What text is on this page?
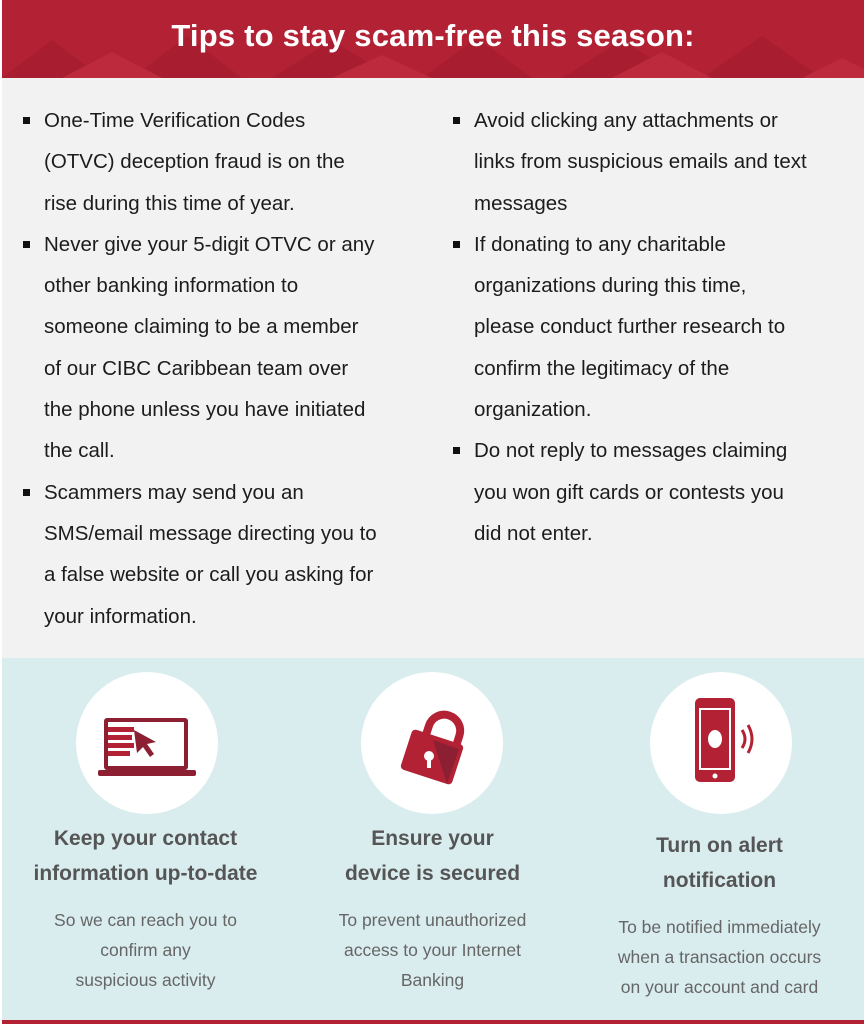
Tips to stay scam-free this season:
One-Time Verification Codes
(OTVC) deception fraud is on the
rise during this time of year.
Never give your 5-digit OTVC or any
other banking information to
someone claiming to be a member
of our CIBC Caribbean team over
the phone unless you have initiated
the call.
Scammers may send you an
SMS/email message directing you to
a false website or call you asking for
your information.
Avoid clicking any attachments or
links from suspicious emails and text
messages
If donating to any charitable
organizations during this time,
please conduct further research to
confirm the legitimacy of the
organization.
Do not reply to messages claiming
you won gift cards or contests you
did not enter.
Keep your contact
information up-to-date

So we can reach you to
confirm any
suspicious activity

Ensure your
device is secured

To prevent unauthorized
access to your Internet
Banking

Turn on alert
notification

To be notified immediately
when a transaction occurs
on your account and card
